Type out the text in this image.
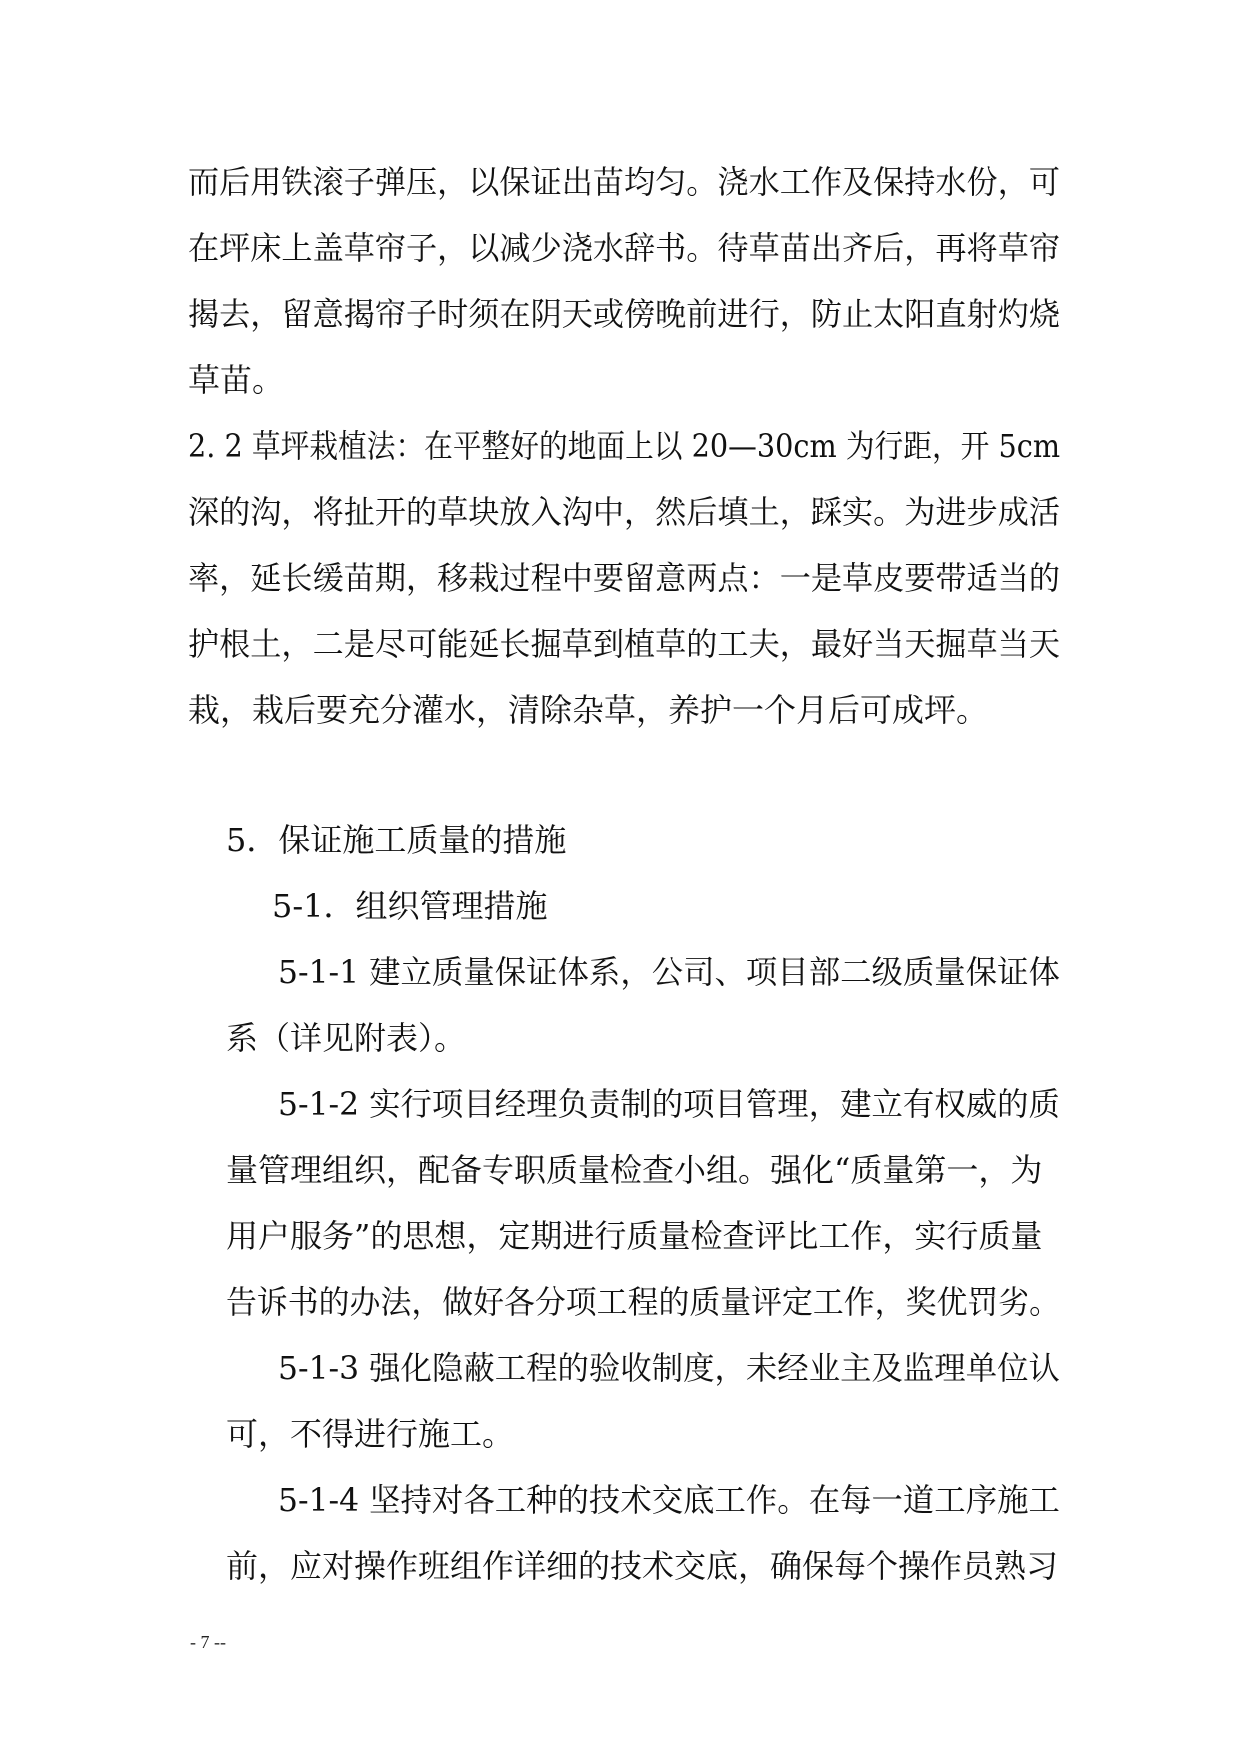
而后用铁滚子弹压，以保证出苗均匀。浇水工作及保持水份，可
在坪床上盖草帘子，以减少浇水辞书。待草苗出齐后，再将草帘
揭去，留意揭帘子时须在阴天或傍晚前进行，防止太阳直射灼烧
草苗。
2. 2 草坪栽植法：在平整好的地面上以 20—30cm 为行距，开 5cm
深的沟，将扯开的草块放入沟中，然后填土，踩实。为进步成活
率，延长缓苗期，移栽过程中要留意两点：一是草皮要带适当的
护根土，二是尽可能延长掘草到植草的工夫，最好当天掘草当天
栽，栽后要充分灌水，清除杂草，养护一个月后可成坪。
5．保证施工质量的措施
5-1．组织管理措施
5-1-1 建立质量保证体系，公司、项目部二级质量保证体
系（详见附表）。
5-1-2 实行项目经理负责制的项目管理，建立有权威的质
量管理组织，配备专职质量检查小组。强化“质量第一，为
用户服务”的思想，定期进行质量检查评比工作，实行质量
告诉书的办法，做好各分项工程的质量评定工作，奖优罚劣。
5-1-3 强化隐蔽工程的验收制度，未经业主及监理单位认
可，不得进行施工。
5-1-4 坚持对各工种的技术交底工作。在每一道工序施工
前，应对操作班组作详细的技术交底，确保每个操作员熟习
- 7 --
